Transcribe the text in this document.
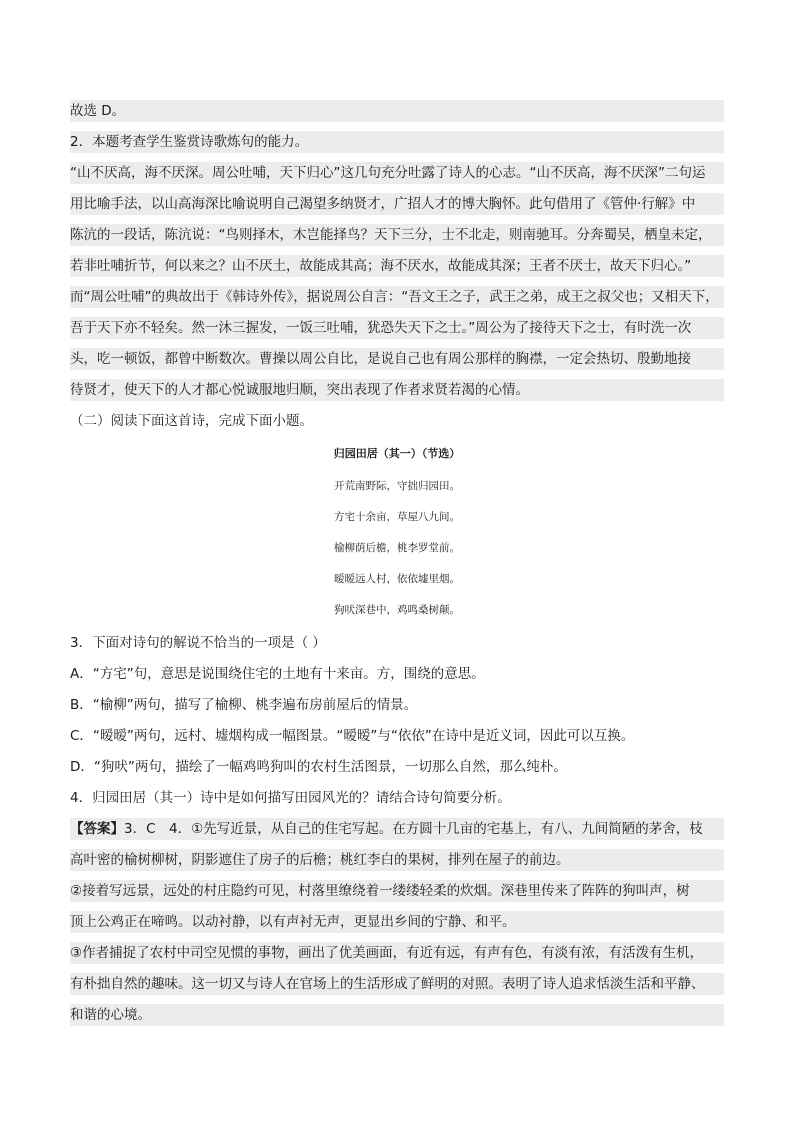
故选 D。
2．本题考查学生鉴赏诗歌炼句的能力。
“山不厌高，海不厌深。周公吐哺，天下归心”这几句充分吐露了诗人的心志。“山不厌高，海不厌深”二句运
用比喻手法，以山高海深比喻说明自己渴望多纳贤才，广招人才的博大胸怀。此句借用了《管仲·行解》中
陈沆的一段话，陈沆说：“鸟则择木，木岂能择鸟？天下三分，士不北走，则南驰耳。分奔蜀吴，栖皇未定，
若非吐哺折节，何以来之？山不厌土，故能成其高；海不厌水，故能成其深；王者不厌士，故天下归心。”
而“周公吐哺”的典故出于《韩诗外传》，据说周公自言：“吾文王之子，武王之弟，成王之叔父也；又相天下，
吾于天下亦不轻矣。然一沐三握发，一饭三吐哺，犹恐失天下之士。”周公为了接待天下之士，有时洗一次
头，吃一顿饭，都曾中断数次。曹操以周公自比，是说自己也有周公那样的胸襟，一定会热切、殷勤地接
待贤才，使天下的人才都心悦诚服地归顺，突出表现了作者求贤若渴的心情。
（二）阅读下面这首诗，完成下面小题。
归园田居（其一）（节选）
开荒南野际，守拙归园田。
方宅十余亩，草屋八九间。
榆柳荫后檐，桃李罗堂前。
暧暧远人村，依依墟里烟。
狗吠深巷中，鸡鸣桑树颠。
3．下面对诗句的解说不恰当的一项是（ ）
A．“方宅”句，意思是说围绕住宅的土地有十来亩。方，围绕的意思。
B．“榆柳”两句，描写了榆柳、桃李遍布房前屋后的情景。
C．“暧暧”两句，远村、墟烟构成一幅图景。“暧暧”与“依依”在诗中是近义词，因此可以互换。
D．“狗吠”两句，描绘了一幅鸡鸣狗叫的农村生活图景，一切那么自然，那么纯朴。
4．归园田居（其一）诗中是如何描写田园风光的？请结合诗句简要分析。
【答案】3．C　4．①先写近景，从自己的住宅写起。在方圆十几亩的宅基上，有八、九间简陋的茅舍，枝
高叶密的榆树柳树，阴影遮住了房子的后檐；桃红李白的果树，排列在屋子的前边。
②接着写远景，远处的村庄隐约可见，村落里缭绕着一缕缕轻柔的炊烟。深巷里传来了阵阵的狗叫声，树
顶上公鸡正在啼鸣。以动衬静，以有声衬无声，更显出乡间的宁静、和平。
③作者捕捉了农村中司空见惯的事物，画出了优美画面，有近有远，有声有色，有淡有浓，有活泼有生机，
有朴拙自然的趣味。这一切又与诗人在官场上的生活形成了鲜明的对照。表明了诗人追求恬淡生活和平静、
和谐的心境。
